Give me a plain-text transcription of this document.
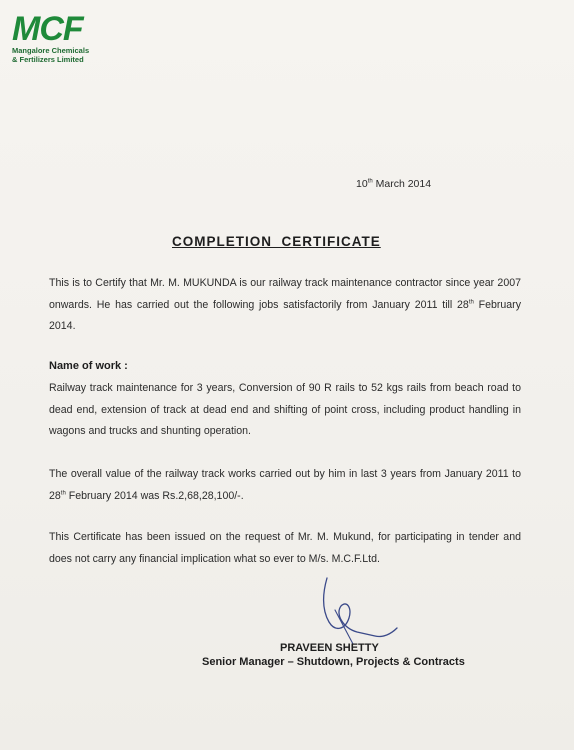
MCF
Mangalore Chemicals
& Fertilizers Limited
10th March 2014
COMPLETION  CERTIFICATE
This is to Certify that Mr. M. MUKUNDA is our railway track maintenance contractor since year 2007 onwards. He has carried out the following jobs satisfactorily from January 2011 till 28th February 2014.
Name of work :
Railway track maintenance for 3 years, Conversion of 90 R rails to 52 kgs rails from beach road to dead end, extension of track at dead end and shifting of point cross, including product handling in wagons and trucks and shunting operation.
The overall value of the railway track works carried out by him in last 3 years from January 2011 to 28th February 2014 was Rs.2,68,28,100/-.
This Certificate has been issued on the request of Mr. M. Mukund, for participating in tender and does not carry any financial implication what so ever to M/s. M.C.F.Ltd.
PRAVEEN SHETTY
Senior Manager – Shutdown, Projects & Contracts
